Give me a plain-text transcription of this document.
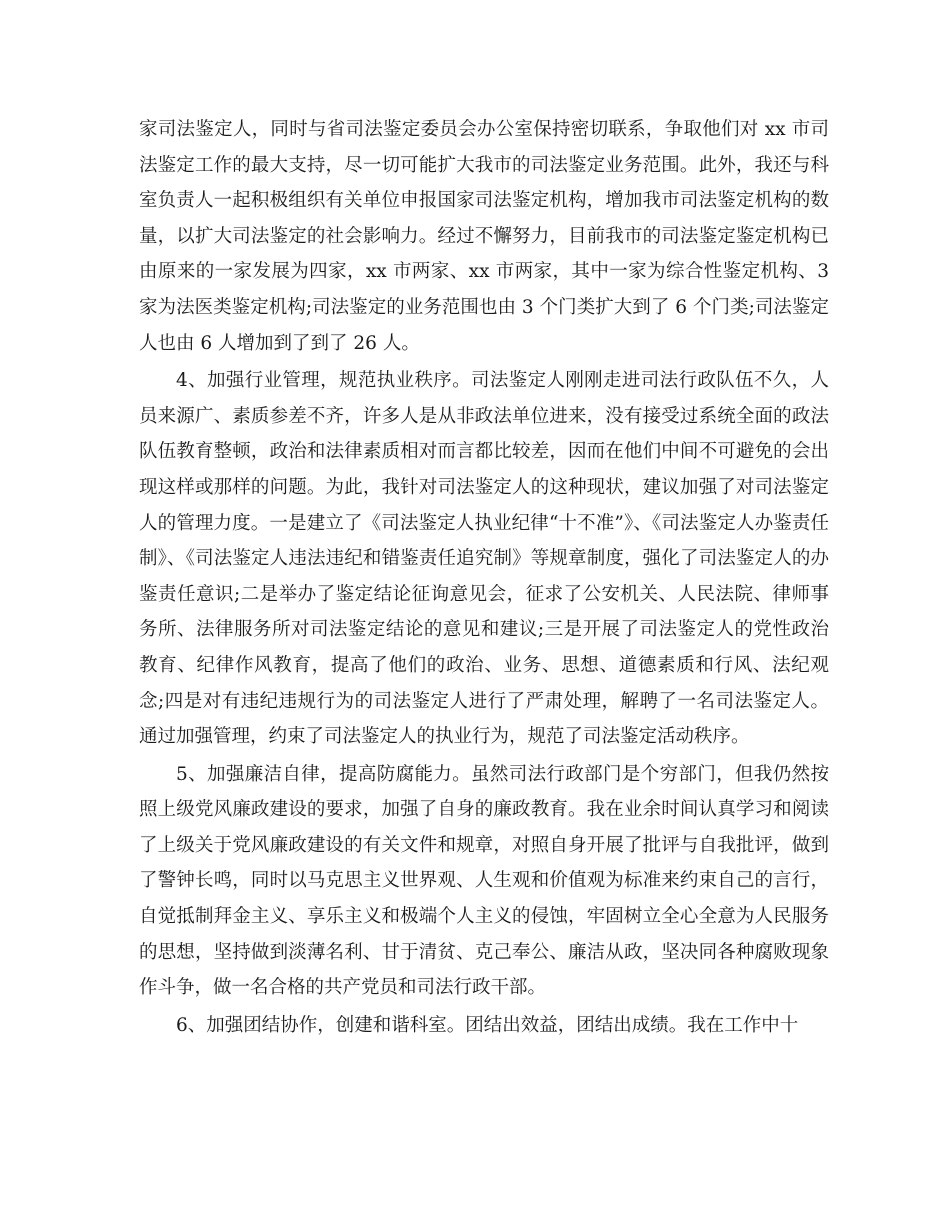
家司法鉴定人，同时与省司法鉴定委员会办公室保持密切联系，争取他们对 xx 市司法鉴定工作的最大支持，尽一切可能扩大我市的司法鉴定业务范围。此外，我还与科室负责人一起积极组织有关单位申报国家司法鉴定机构，增加我市司法鉴定机构的数量，以扩大司法鉴定的社会影响力。经过不懈努力，目前我市的司法鉴定鉴定机构已由原来的一家发展为四家，xx 市两家、xx 市两家，其中一家为综合性鉴定机构、3 家为法医类鉴定机构;司法鉴定的业务范围也由 3 个门类扩大到了 6 个门类;司法鉴定人也由 6 人增加到了到了 26 人。

4、加强行业管理，规范执业秩序。司法鉴定人刚刚走进司法行政队伍不久，人员来源广、素质参差不齐，许多人是从非政法单位进来，没有接受过系统全面的政法队伍教育整顿，政治和法律素质相对而言都比较差，因而在他们中间不可避免的会出现这样或那样的问题。为此，我针对司法鉴定人的这种现状，建议加强了对司法鉴定人的管理力度。一是建立了《司法鉴定人执业纪律“十不准”》、《司法鉴定人办鉴责任制》、《司法鉴定人违法违纪和错鉴责任追究制》等规章制度，强化了司法鉴定人的办鉴责任意识;二是举办了鉴定结论征询意见会，征求了公安机关、人民法院、律师事务所、法律服务所对司法鉴定结论的意见和建议;三是开展了司法鉴定人的党性政治教育、纪律作风教育，提高了他们的政治、业务、思想、道德素质和行风、法纪观念;四是对有违纪违规行为的司法鉴定人进行了严肃处理，解聘了一名司法鉴定人。通过加强管理，约束了司法鉴定人的执业行为，规范了司法鉴定活动秩序。

5、加强廉洁自律，提高防腐能力。虽然司法行政部门是个穷部门，但我仍然按照上级党风廉政建设的要求，加强了自身的廉政教育。我在业余时间认真学习和阅读了上级关于党风廉政建设的有关文件和规章，对照自身开展了批评与自我批评，做到了警钟长鸣，同时以马克思主义世界观、人生观和价值观为标准来约束自己的言行，自觉抵制拜金主义、享乐主义和极端个人主义的侵蚀，牢固树立全心全意为人民服务的思想，坚持做到淡薄名利、甘于清贫、克己奉公、廉洁从政，坚决同各种腐败现象作斗争，做一名合格的共产党员和司法行政干部。

6、加强团结协作，创建和谐科室。团结出效益，团结出成绩。我在工作中十
